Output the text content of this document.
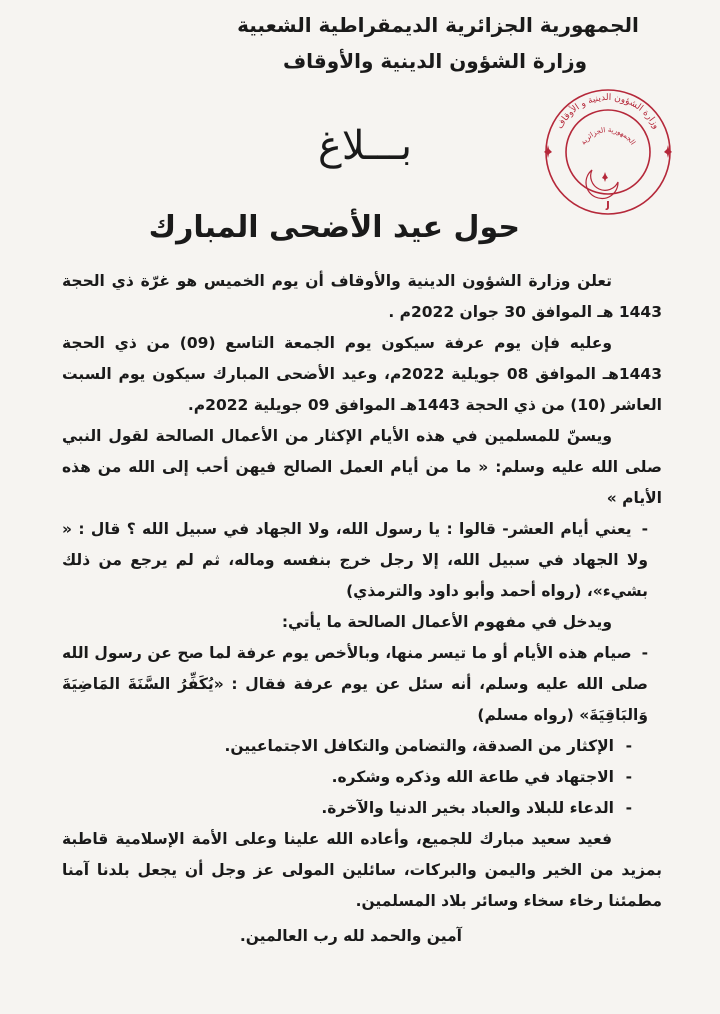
الجمهورية الجزائرية الديمقراطية الشعبية
وزارة الشؤون الدينية والأوقاف
وزارة الشؤون الدينية و الأوقاف
الجمهورية الجزائرية
J
بـــلاغ
حول عيد الأضحى المبارك

تعلن وزارة الشؤون الدينية والأوقاف أن يوم الخميس هو غرّة ذي الحجة 1443 هـ الموافق 30 جوان 2022م .

وعليه فإن يوم عرفة سيكون يوم الجمعة التاسع (09) من ذي الحجة 1443هـ الموافق 08 جويلية 2022م، وعيد الأضحى المبارك سيكون يوم السبت العاشر (10) من ذي الحجة 1443هـ الموافق 09 جويلية 2022م.

ويسنّ للمسلمين في هذه الأيام الإكثار من الأعمال الصالحة لقول النبي صلى الله عليه وسلم: « ما من أيام العمل الصالح فيهن أحب إلى الله من هذه الأيام »

-يعني أيام العشر- قالوا : يا رسول الله، ولا الجهاد في سبيل الله ؟ قال : « ولا الجهاد في سبيل الله، إلا رجل خرج بنفسه وماله، ثم لم يرجع من ذلك بشيء»، (رواه أحمد وأبو داود والترمذي)

ويدخل في مفهوم الأعمال الصالحة ما يأتي:

-صيام هذه الأيام أو ما تيسر منها، وبالأخص يوم عرفة لما صح عن رسول الله صلى الله عليه وسلم، أنه سئل عن يوم عرفة فقال : «يُكَفِّرُ السَّنَةَ المَاضِيَةَ وَالبَاقِيَةَ» (رواه مسلم)

-
الإكثار من الصدقة، والتضامن والتكافل الاجتماعيين.
-
الاجتهاد في طاعة الله وذكره وشكره.
-
الدعاء للبلاد والعباد بخير الدنيا والآخرة.

فعيد سعيد مبارك للجميع، وأعاده الله علينا وعلى الأمة الإسلامية قاطبة بمزيد من الخير واليمن والبركات، سائلين المولى عز وجل أن يجعل بلدنا آمنا مطمئنا رخاء سخاء وسائر بلاد المسلمين.

آمين والحمد لله رب العالمين.
